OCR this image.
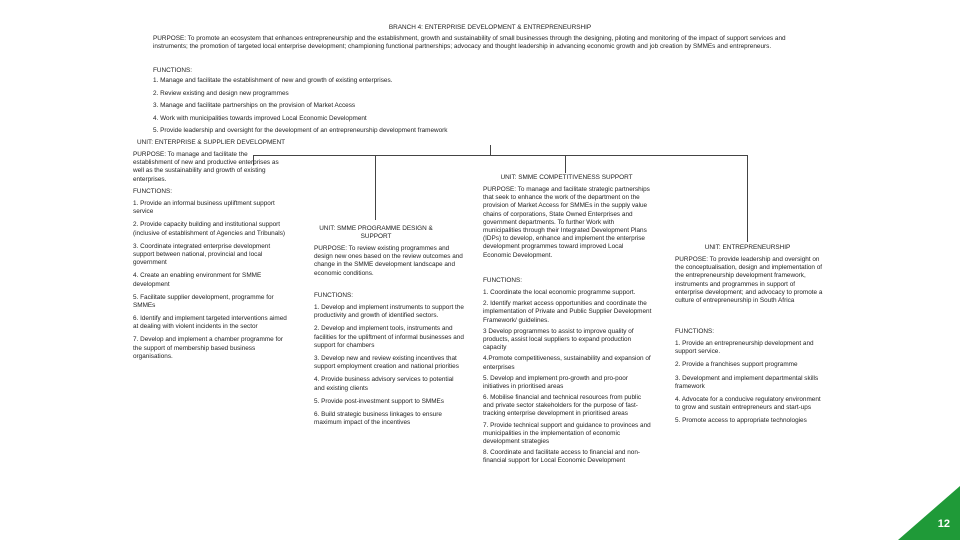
BRANCH 4: ENTERPRISE DEVELOPMENT & ENTREPRENEURSHIP
PURPOSE: To promote an ecosystem that enhances entrepreneurship and the establishment, growth and sustainability of small businesses through the designing, piloting and monitoring of the impact of support services and instruments; the promotion of targeted local enterprise development; championing functional partnerships; advocacy and thought leadership in advancing economic growth and job creation by SMMEs and entrepreneurs.
FUNCTIONS:
1. Manage and facilitate the establishment of new and growth of existing enterprises.
2. Review existing and design new programmes
3. Manage and facilitate partnerships on the provision of Market Access
4. Work with municipalities towards improved Local Economic Development
5. Provide leadership and oversight for the development of an entrepreneurship development framework
UNIT: ENTERPRISE & SUPPLIER DEVELOPMENT
PURPOSE: To manage and facilitate the establishment of new and productive enterprises as well as the sustainability and growth of existing enterprises.
FUNCTIONS:
1. Provide an informal business upliftment support service
2. Provide capacity building and institutional support (inclusive of establishment of Agencies and Tribunals)
3. Coordinate integrated enterprise development support between national, provincial and local government
4. Create an enabling environment for SMME development
5. Facilitate supplier development, programme for SMMEs
6. Identify and implement targeted interventions aimed at dealing with violent incidents in the sector
7. Develop and implement a chamber programme for the support of membership based business organisations.
UNIT: SMME PROGRAMME DESIGN & SUPPORT
PURPOSE: To review existing programmes and design new ones based on the review outcomes and change in the SMME development landscape and economic conditions.
FUNCTIONS:
1. Develop and implement instruments to support the productivity and growth of identified sectors.
2. Develop and implement tools, instruments and facilities for the upliftment of informal businesses and support for chambers
3. Develop new and review existing incentives that support employment creation and national priorities
4. Provide business advisory services to potential and existing clients
5. Provide post-investment support to SMMEs
6. Build strategic business linkages to ensure maximum impact of the incentives
UNIT: SMME COMPETITIVENESS SUPPORT
PURPOSE: To manage and facilitate strategic partnerships that seek to enhance the work of the department on the provision of Market Access for SMMEs in the supply value chains of corporations, State Owned Enterprises and government departments. To further Work with municipalities through their Integrated Development Plans (IDPs) to develop, enhance and implement the enterprise development programmes toward improved Local Economic Development.
FUNCTIONS:
1. Coordinate the local economic programme support.
2. Identify market access opportunities and coordinate the implementation of Private and Public Supplier Development Framework/ guidelines.
3 Develop programmes to assist to improve quality of products, assist local suppliers to expand production capacity
4.Promote competitiveness, sustainability and expansion of enterprises
5. Develop and implement pro-growth and pro-poor initiatives in prioritised areas
6. Mobilise financial and technical resources from public and private sector stakeholders for the purpose of fast-tracking enterprise development in prioritised areas
7. Provide technical support and guidance to provinces and municipalities in the implementation of economic development strategies
8. Coordinate and facilitate access to financial and non-financial support for Local Economic Development
UNIT: ENTREPRENEURSHIP
PURPOSE: To provide leadership and oversight on the conceptualisation, design and implementation of the entrepreneurship development framework, instruments and programmes in support of enterprise development; and advocacy to promote a culture of entrepreneurship in South Africa
FUNCTIONS:
1. Provide an entrepreneurship development and support service.
2. Provide a franchises support programme
3. Development and implement departmental skills framework
4. Advocate for a conducive regulatory environment to grow and sustain entrepreneurs and start-ups
5. Promote access to appropriate technologies
12
